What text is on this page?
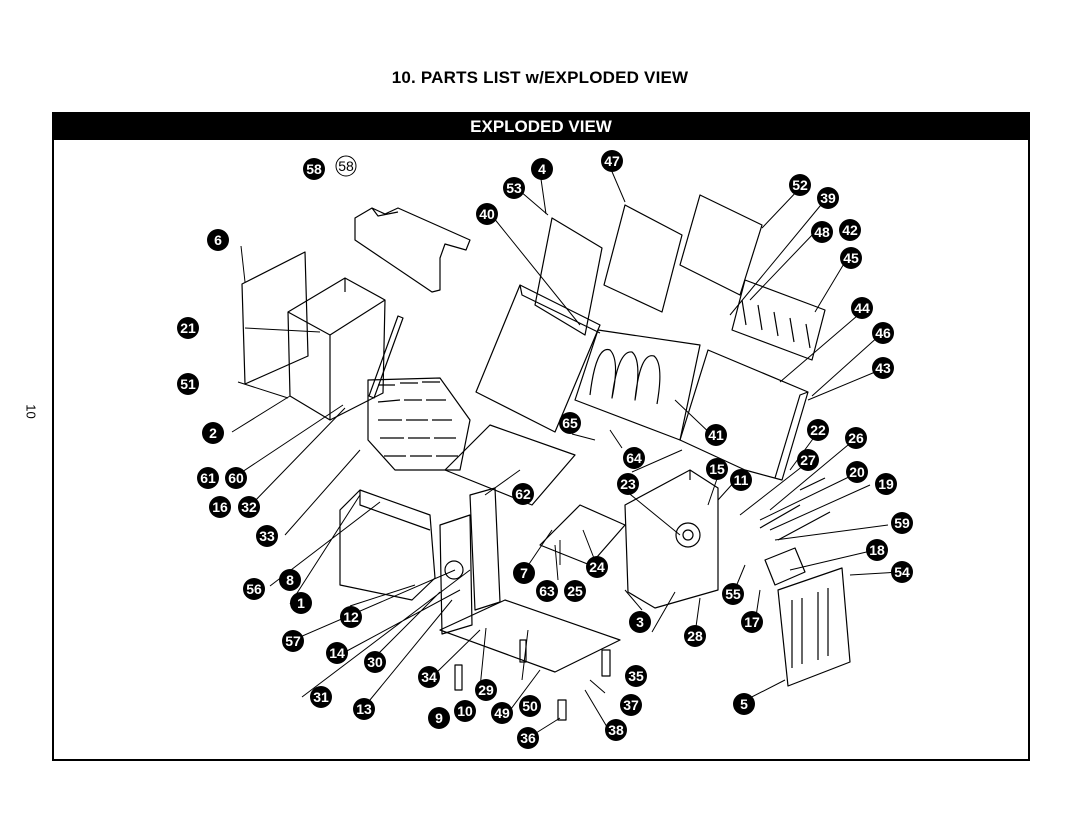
10. PARTS LIST w/EXPLODED VIEW
EXPLODED VIEW
10
58 58	4
53
47
52
39
40
6	48 42
45
21
44
46
51
43
2
65
41	22 26
61 60
64
15
11
27
20
23	19
16 32
62
59
33
18
7	24	54
56
8
63 25	55
1
12	3	17
57	28
14
30
35
34
29
31
50	37	5
13
9 10 49
36	38
